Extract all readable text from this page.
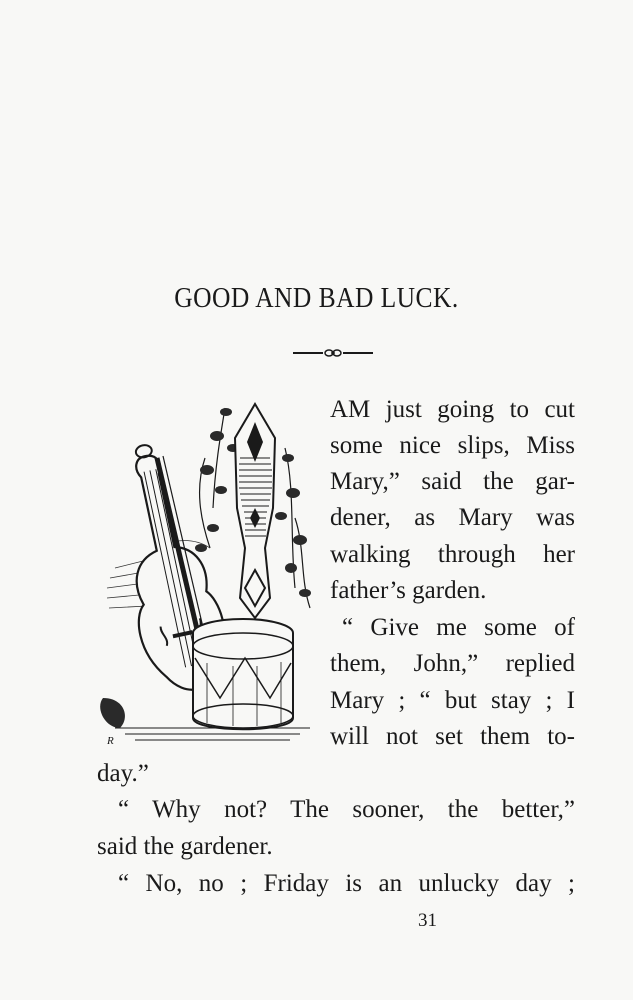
GOOD AND BAD LUCK.
R
AM just going to cut
some nice slips, Miss
Mary,” said the gar-
dener, as Mary was
walking through her
father’s garden.
“ Give me some of
them, John,” replied
Mary ; “ but stay ; I
will not set them to-
day.”
“ Why not? The sooner, the better,”
said the gardener.
“ No, no ; Friday is an unlucky day ;
31
